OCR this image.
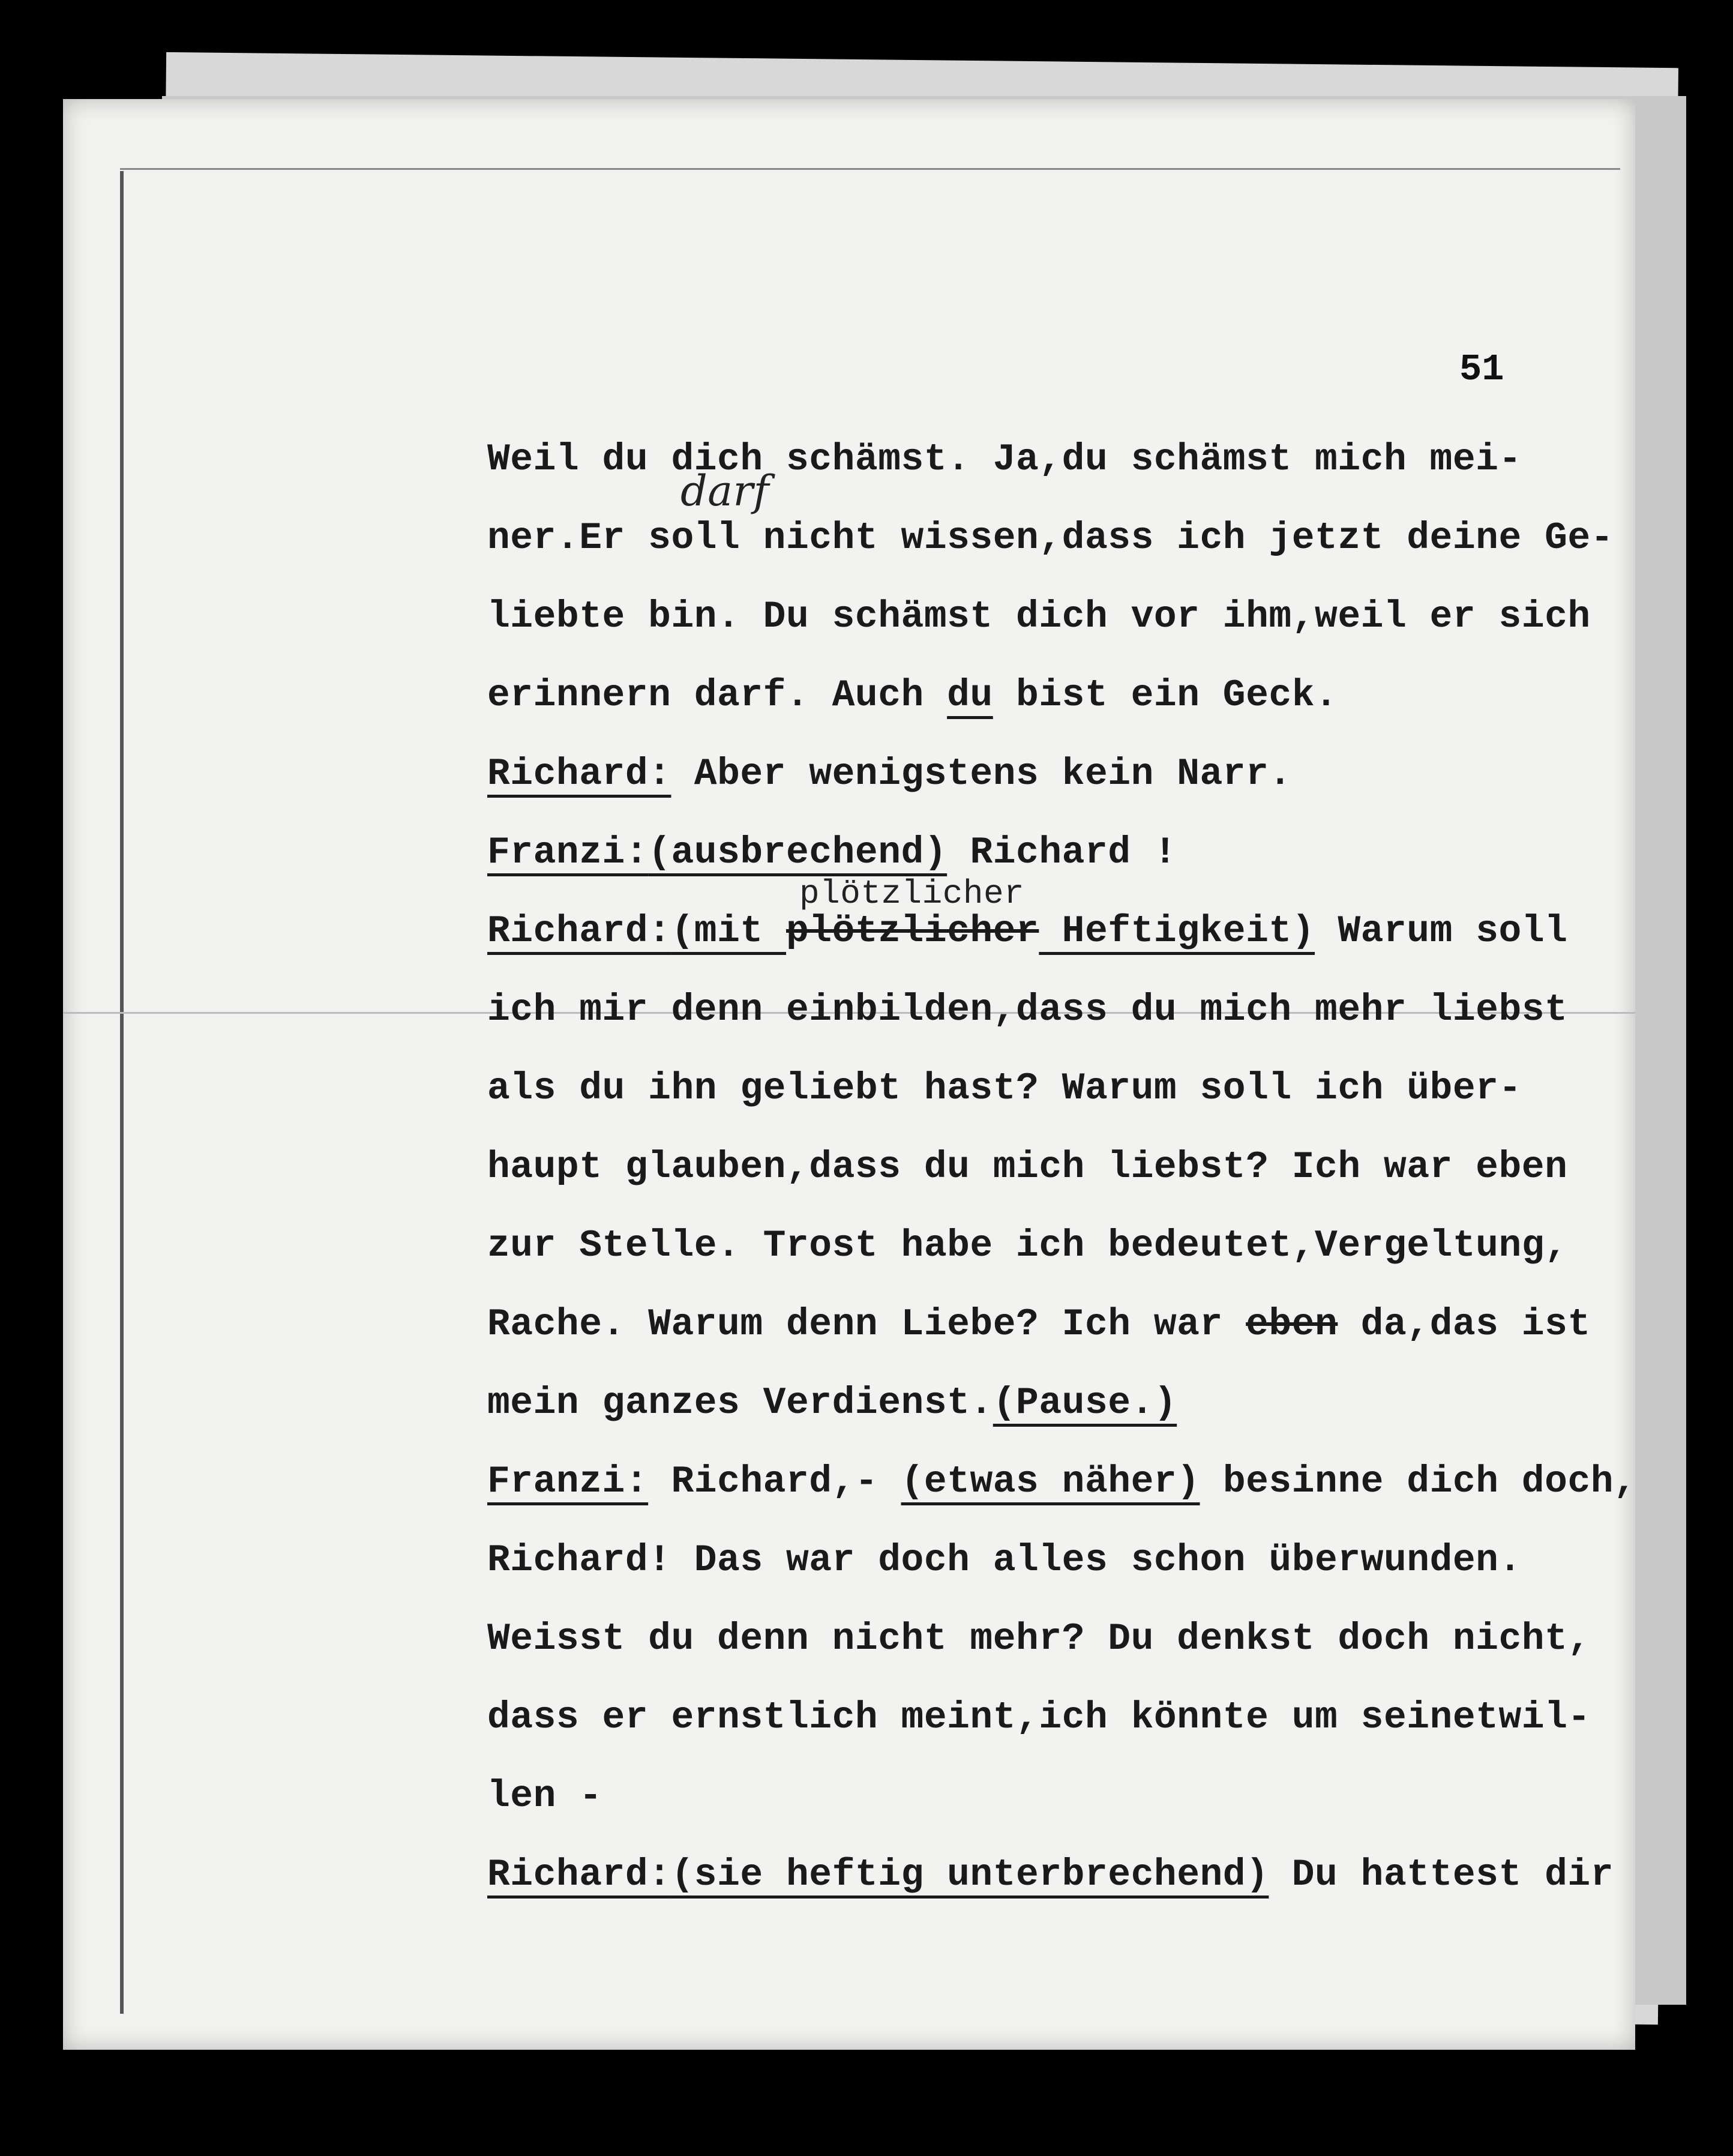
51
Weil du dich schämst. Ja,du schämst mich mei-
ner.Er soll nicht wissen,dass ich jetzt deine Ge-
darf
liebte bin. Du schämst dich vor ihm,weil er sich
erinnern darf. Auch du bist ein Geck.
Richard: Aber wenigstens kein Narr.
Franzi:(ausbrechend) Richard !
Richard:(mit plötzlicher Heftigkeit) Warum soll
plötzlicher
ich mir denn einbilden,dass du mich mehr liebst
als du ihn geliebt hast? Warum soll ich über-
haupt glauben,dass du mich liebst? Ich war eben
zur Stelle. Trost habe ich bedeutet,Vergeltung,
Rache. Warum denn Liebe? Ich war eben da,das ist
mein ganzes Verdienst.(Pause.)
Franzi: Richard,- (etwas näher) besinne dich doch,
Richard! Das war doch alles schon überwunden.
Weisst du denn nicht mehr? Du denkst doch nicht,
dass er ernstlich meint,ich könnte um seinetwil-
len -
Richard:(sie heftig unterbrechend) Du hattest dir
